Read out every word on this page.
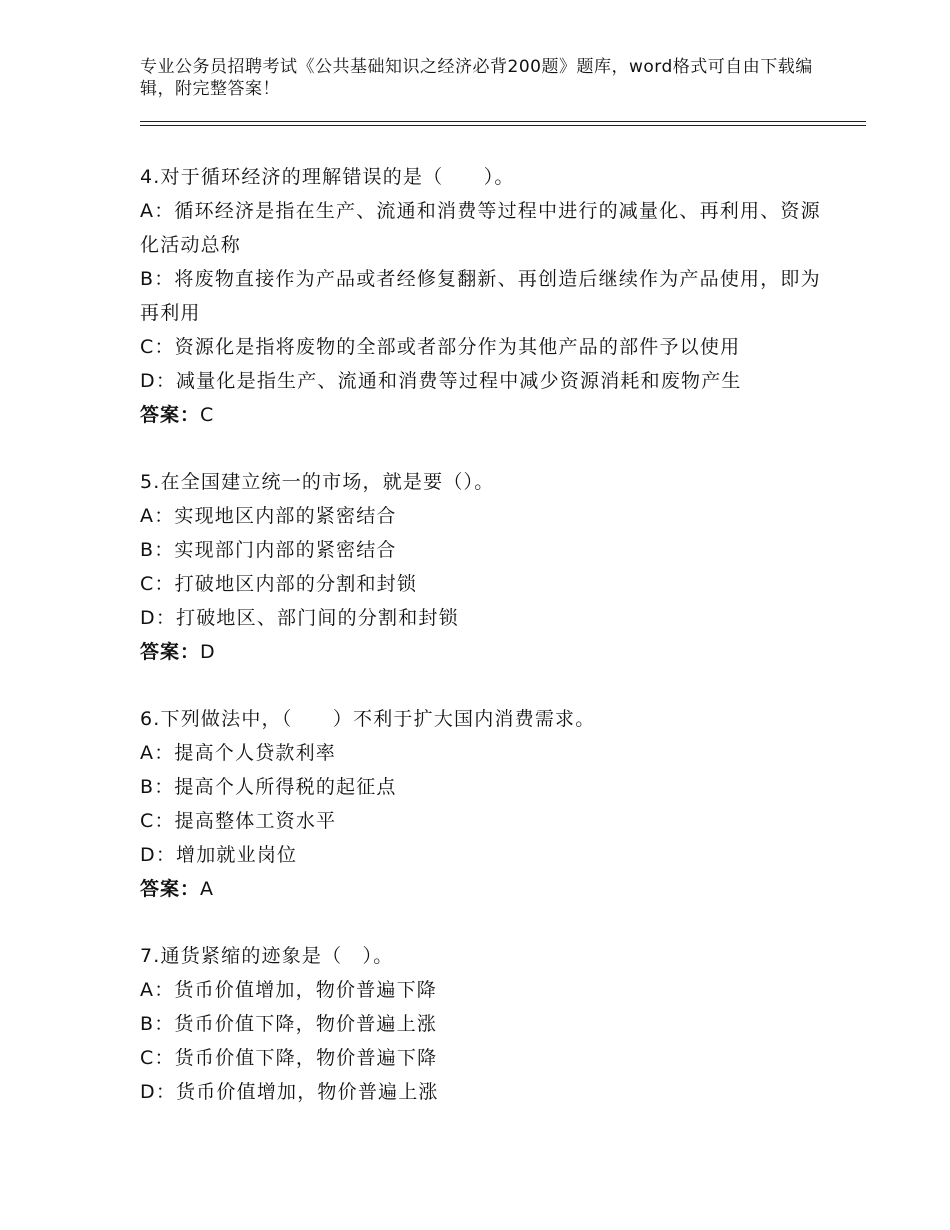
专业公务员招聘考试《公共基础知识之经济必背200题》题库，word格式可自由下载编辑，附完整答案！
4.对于循环经济的理解错误的是（　　）。
A：循环经济是指在生产、流通和消费等过程中进行的减量化、再利用、资源化活动总称
B：将废物直接作为产品或者经修复翻新、再创造后继续作为产品使用，即为再利用
C：资源化是指将废物的全部或者部分作为其他产品的部件予以使用
D：减量化是指生产、流通和消费等过程中减少资源消耗和废物产生
答案：C
5.在全国建立统一的市场，就是要（）。
A：实现地区内部的紧密结合
B：实现部门内部的紧密结合
C：打破地区内部的分割和封锁
D：打破地区、部门间的分割和封锁
答案：D
6.下列做法中，（　　）不利于扩大国内消费需求。
A：提高个人贷款利率
B：提高个人所得税的起征点
C：提高整体工资水平
D：增加就业岗位
答案：A
7.通货紧缩的迹象是（　）。
A：货币价值增加，物价普遍下降
B：货币价值下降，物价普遍上涨
C：货币价值下降，物价普遍下降
D：货币价值增加，物价普遍上涨
